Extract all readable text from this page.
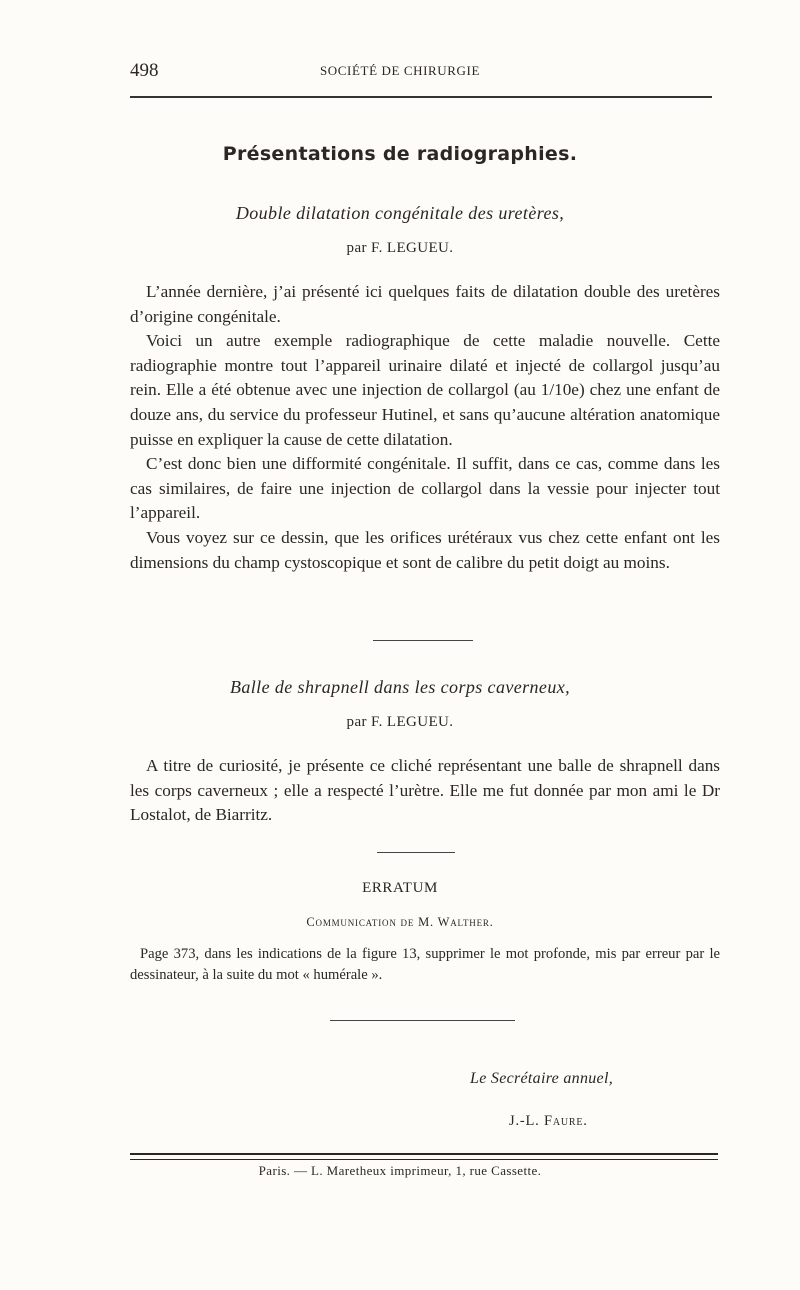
498	SOCIÉTÉ DE CHIRURGIE
Présentations de radiographies.
Double dilatation congénitale des uretères,
par F. LEGUEU.

L’année dernière, j’ai présenté ici quelques faits de dilatation double des uretères d’origine congénitale.

Voici un autre exemple radiographique de cette maladie nouvelle. Cette radiographie montre tout l’appareil urinaire dilaté et injecté de collargol jusqu’au rein. Elle a été obtenue avec une injection de collargol (au 1/10e) chez une enfant de douze ans, du service du professeur Hutinel, et sans qu’aucune altération anatomique puisse en expliquer la cause de cette dilatation.

C’est donc bien une difformité congénitale. Il suffit, dans ce cas, comme dans les cas similaires, de faire une injection de collargol dans la vessie pour injecter tout l’appareil.

Vous voyez sur ce dessin, que les orifices urétéraux vus chez cette enfant ont les dimensions du champ cystoscopique et sont de calibre du petit doigt au moins.

Balle de shrapnell dans les corps caverneux,
par F. LEGUEU.

A titre de curiosité, je présente ce cliché représentant une balle de shrapnell dans les corps caverneux ; elle a respecté l’urètre. Elle me fut donnée par mon ami le Dr Lostalot, de Biarritz.

ERRATUM
Communication de M. Walther.

Page 373, dans les indications de la figure 13, supprimer le mot profonde, mis par erreur par le dessinateur, à la suite du mot « humérale ».

Le Secrétaire annuel,
J.-L. Faure.
Paris. — L. Maretheux imprimeur, 1, rue Cassette.
